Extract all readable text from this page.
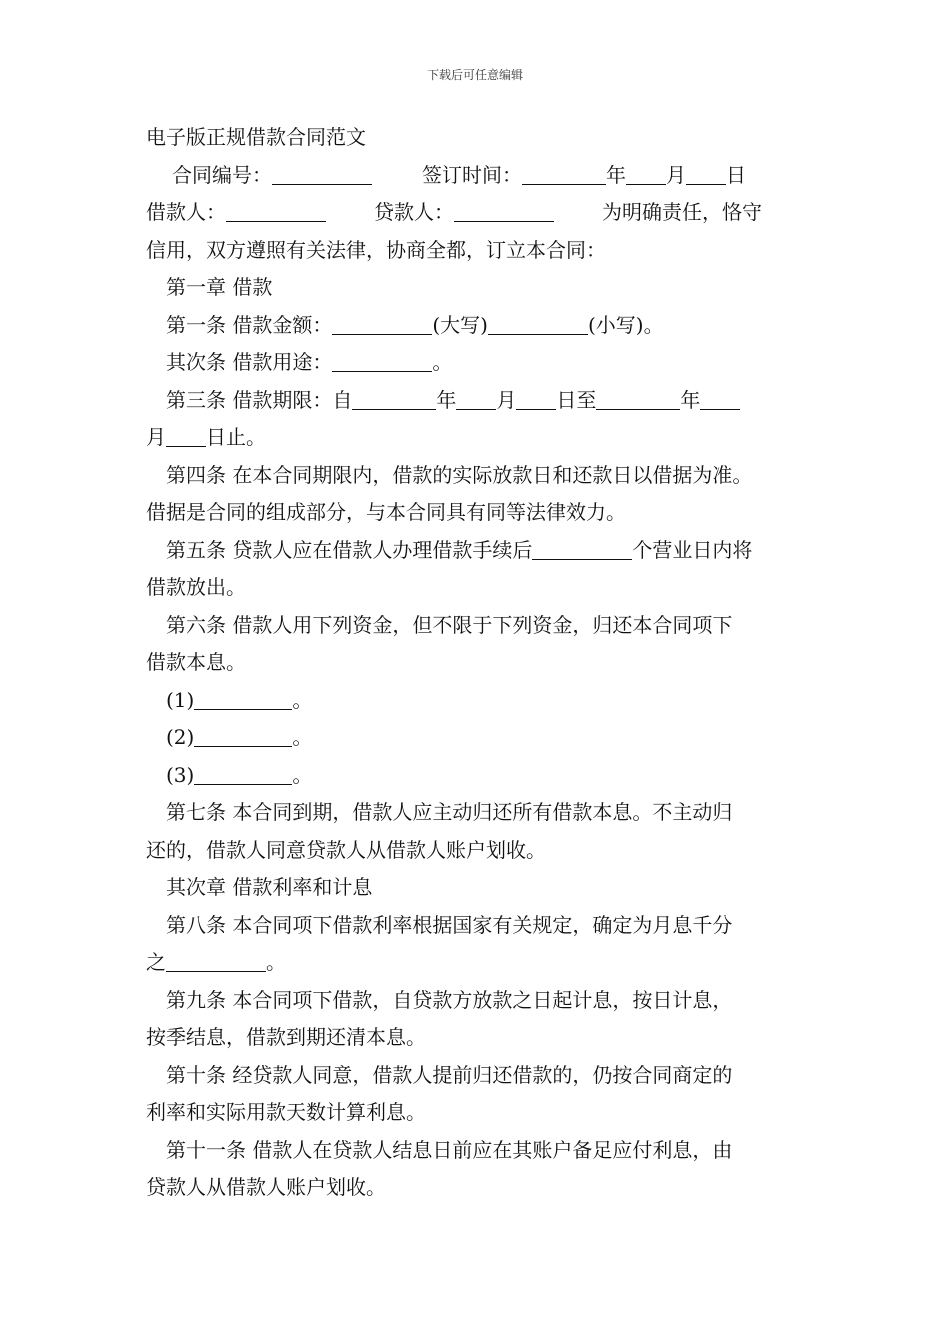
下载后可任意编辑
电子版正规借款合同范文
合同编号：	签订时间：	年 月 日
借款人：	贷款人：	为明确责任，恪守
信用，双方遵照有关法律，协商全都，订立本合同：
第一章 借款
第一条 借款金额：	(大写)	(小写)。
其次条 借款用途：	。
第三条 借款期限：自	年 月 日至	年
月 日止。
第四条 在本合同期限内，借款的实际放款日和还款日以借据为准。
借据是合同的组成部分，与本合同具有同等法律效力。
第五条 贷款人应在借款人办理借款手续后	个营业日内将
借款放出。
第六条 借款人用下列资金，但不限于下列资金，归还本合同项下
借款本息。
(1)	。
(2)	。
(3)	。
第七条 本合同到期，借款人应主动归还所有借款本息。不主动归
还的，借款人同意贷款人从借款人账户划收。
其次章 借款利率和计息
第八条 本合同项下借款利率根据国家有关规定，确定为月息千分
之	。
第九条 本合同项下借款，自贷款方放款之日起计息，按日计息，
按季结息，借款到期还清本息。
第十条 经贷款人同意，借款人提前归还借款的，仍按合同商定的
利率和实际用款天数计算利息。
第十一条 借款人在贷款人结息日前应在其账户备足应付利息，由
贷款人从借款人账户划收。
